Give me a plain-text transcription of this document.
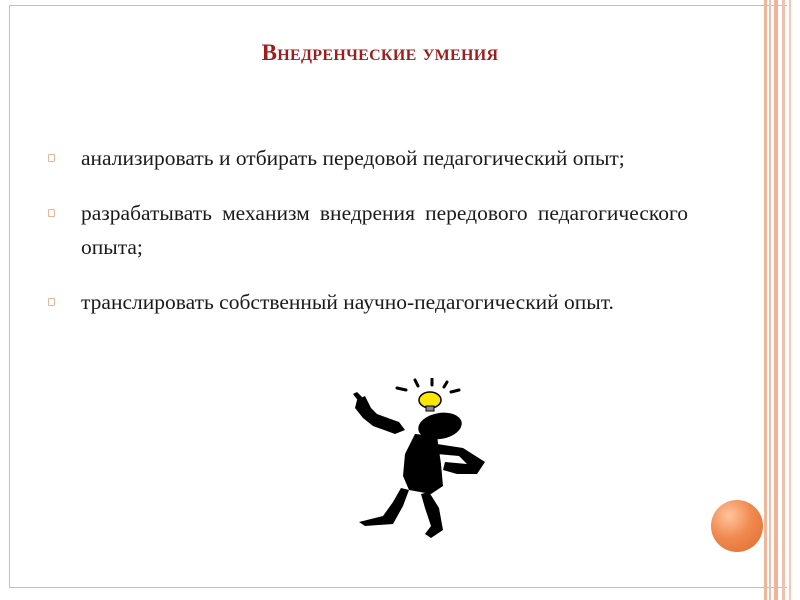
Внедренческие умения
анализировать и отбирать передовой педагогический опыт;
разрабатывать механизм внедрения передового педагогического опыта;
транслировать собственный научно-педагогический опыт.
